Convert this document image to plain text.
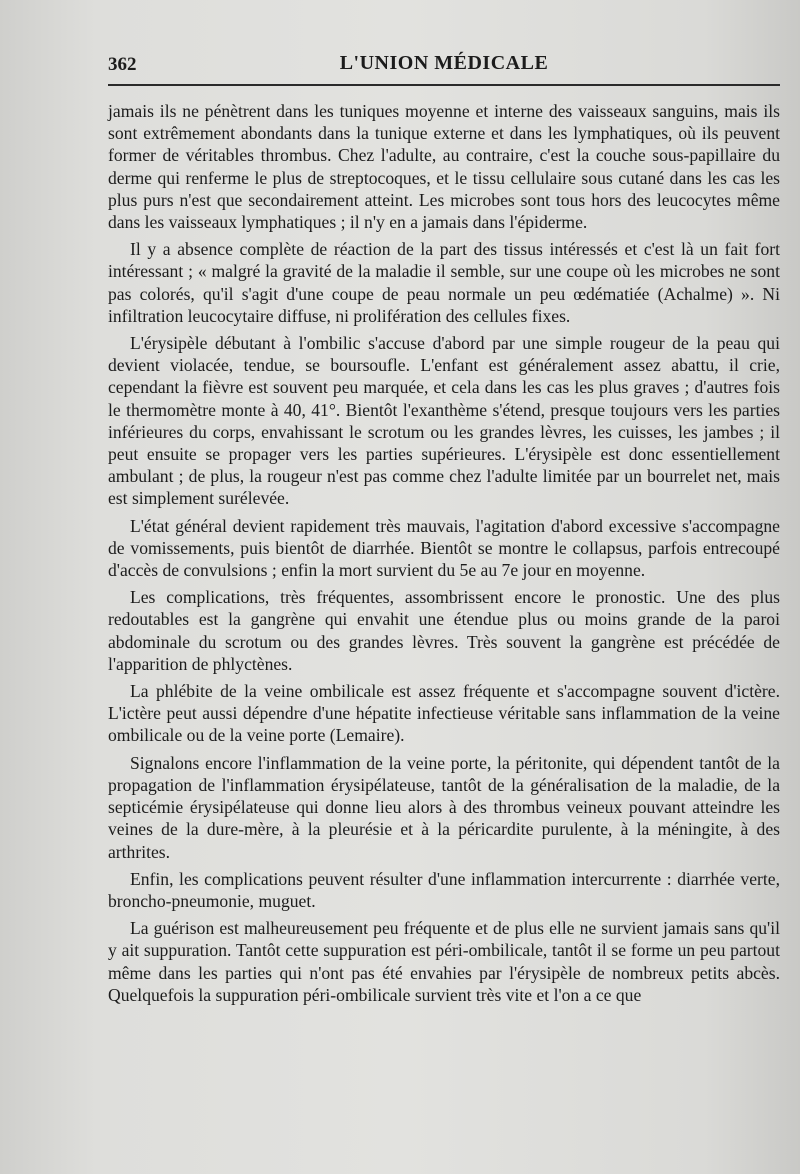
362	L'UNION MÉDICALE

jamais ils ne pénètrent dans les tuniques moyenne et interne des vaisseaux sanguins, mais ils sont extrêmement abondants dans la tunique externe et dans les lymphatiques, où ils peuvent former de véritables thrombus. Chez l'adulte, au contraire, c'est la couche sous-papillaire du derme qui renferme le plus de streptocoques, et le tissu cellulaire sous cutané dans les cas les plus purs n'est que secondairement atteint. Les microbes sont tous hors des leucocytes même dans les vaisseaux lymphatiques ; il n'y en a jamais dans l'épiderme.

Il y a absence complète de réaction de la part des tissus intéressés et c'est là un fait fort intéressant ; « malgré la gravité de la maladie il semble, sur une coupe où les microbes ne sont pas colorés, qu'il s'agit d'une coupe de peau normale un peu œdématiée (Achalme) ». Ni infiltration leucocytaire diffuse, ni prolifération des cellules fixes.

L'érysipèle débutant à l'ombilic s'accuse d'abord par une simple rougeur de la peau qui devient violacée, tendue, se boursoufle. L'enfant est généralement assez abattu, il crie, cependant la fièvre est souvent peu marquée, et cela dans les cas les plus graves ; d'autres fois le thermomètre monte à 40, 41°. Bientôt l'exanthème s'étend, presque toujours vers les parties inférieures du corps, envahissant le scrotum ou les grandes lèvres, les cuisses, les jambes ; il peut ensuite se propager vers les parties supérieures. L'érysipèle est donc essentiellement ambulant ; de plus, la rougeur n'est pas comme chez l'adulte limitée par un bourrelet net, mais est simplement surélevée.

L'état général devient rapidement très mauvais, l'agitation d'abord excessive s'accompagne de vomissements, puis bientôt de diarrhée. Bientôt se montre le collapsus, parfois entrecoupé d'accès de convulsions ; enfin la mort survient du 5e au 7e jour en moyenne.

Les complications, très fréquentes, assombrissent encore le pronostic. Une des plus redoutables est la gangrène qui envahit une étendue plus ou moins grande de la paroi abdominale du scrotum ou des grandes lèvres. Très souvent la gangrène est précédée de l'apparition de phlyctènes.

La phlébite de la veine ombilicale est assez fréquente et s'accompagne souvent d'ictère. L'ictère peut aussi dépendre d'une hépatite infectieuse véritable sans inflammation de la veine ombilicale ou de la veine porte (Lemaire).

Signalons encore l'inflammation de la veine porte, la péritonite, qui dépendent tantôt de la propagation de l'inflammation érysipélateuse, tantôt de la généralisation de la maladie, de la septicémie érysipélateuse qui donne lieu alors à des thrombus veineux pouvant atteindre les veines de la dure-mère, à la pleurésie et à la péricardite purulente, à la méningite, à des arthrites.

Enfin, les complications peuvent résulter d'une inflammation intercurrente : diarrhée verte, broncho-pneumonie, muguet.

La guérison est malheureusement peu fréquente et de plus elle ne survient jamais sans qu'il y ait suppuration. Tantôt cette suppuration est péri-ombilicale, tantôt il se forme un peu partout même dans les parties qui n'ont pas été envahies par l'érysipèle de nombreux petits abcès. Quelquefois la suppuration péri-ombilicale survient très vite et l'on a ce que
